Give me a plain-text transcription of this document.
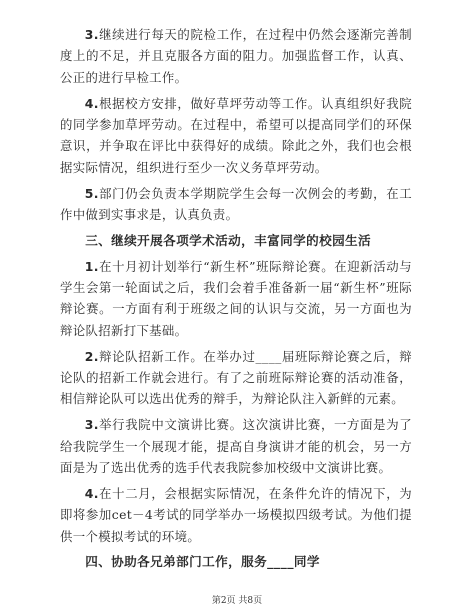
3.继续进行每天的院检工作，在过程中仍然会逐渐完善制度上的不足，并且克服各方面的阻力。加强监督工作，认真、公正的进行早检工作。

4.根据校方安排，做好草坪劳动等工作。认真组织好我院的同学参加草坪劳动。在过程中，希望可以提高同学们的环保意识，并争取在评比中获得好的成绩。除此之外，我们也会根据实际情况，组织进行至少一次义务草坪劳动。

5.部门仍会负责本学期院学生会每一次例会的考勤，在工作中做到实事求是，认真负责。

三、继续开展各项学术活动，丰富同学的校园生活

1.在十月初计划举行“新生杯”班际辩论赛。在迎新活动与学生会第一轮面试之后，我们会着手准备新一届“新生杯”班际辩论赛。一方面有利于班级之间的认识与交流，另一方面也为辩论队招新打下基础。

2.辩论队招新工作。在举办过____届班际辩论赛之后，辩论队的招新工作就会进行。有了之前班际辩论赛的活动准备，相信辩论队可以选出优秀的辩手，为辩论队注入新鲜的元素。

3.举行我院中文演讲比赛。这次演讲比赛，一方面是为了给我院学生一个展现才能，提高自身演讲才能的机会，另一方面是为了选出优秀的选手代表我院参加校级中文演讲比赛。

4.在十二月，会根据实际情况，在条件允许的情况下，为即将参加cet－4考试的同学举办一场模拟四级考试。为他们提供一个模拟考试的环境。

四、协助各兄弟部门工作，服务____同学

第2页 共8页
